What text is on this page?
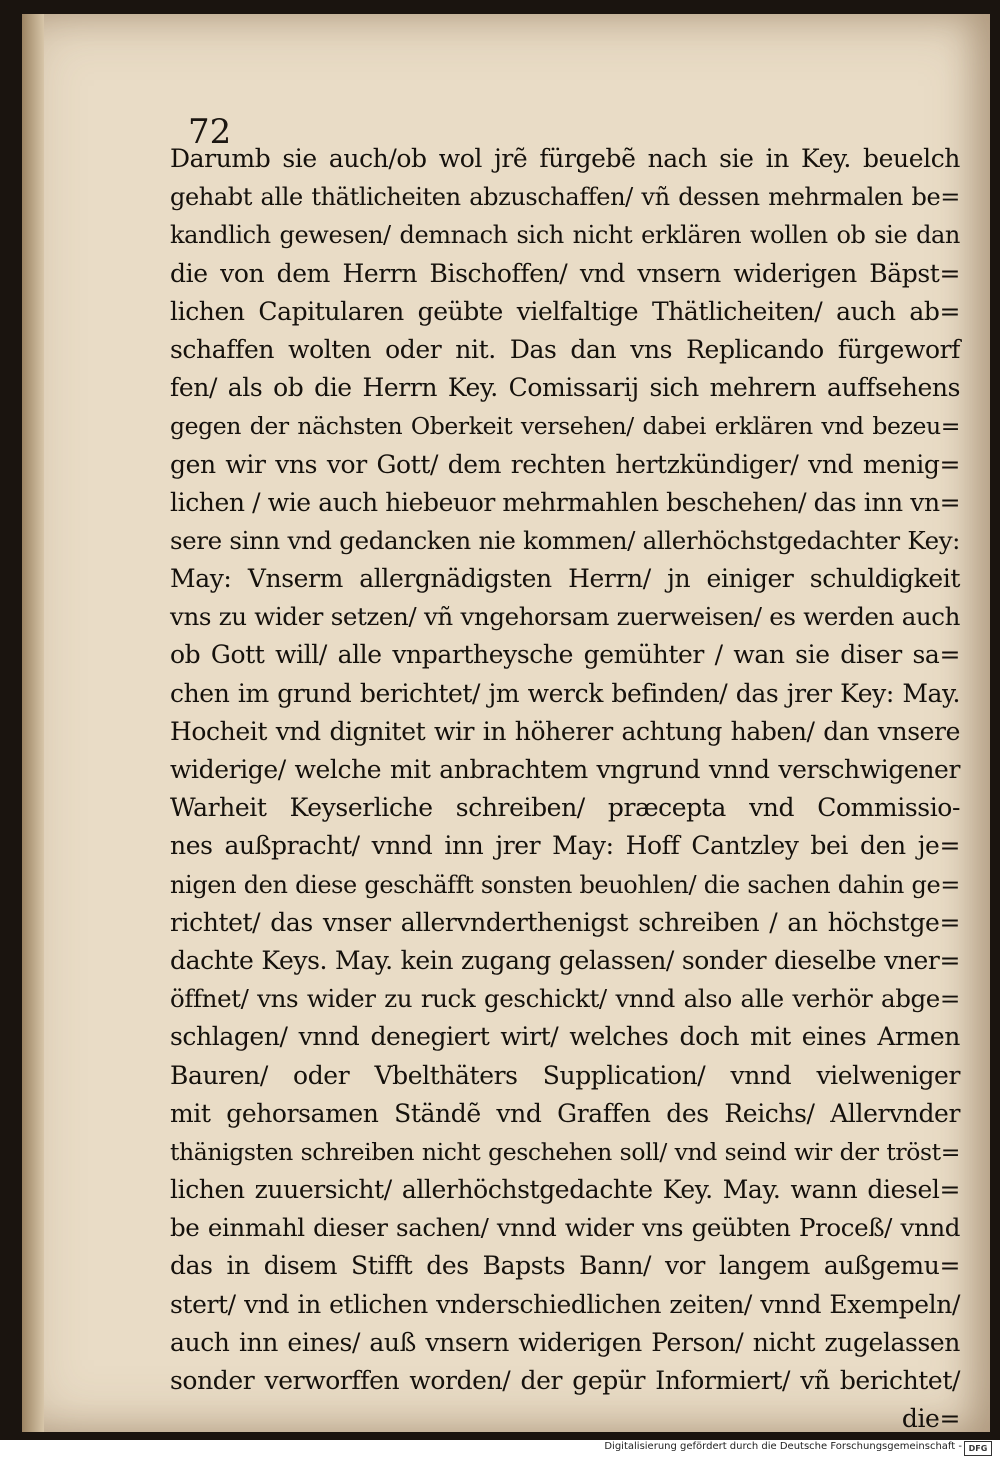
72

Darumb sie auch/ob wol jrẽ fürgebẽ nach sie in Key. beuelch
gehabt alle thätlicheiten abzuschaffen/ vñ dessen mehrmalen be=
kandlich gewesen/ demnach sich nicht erklären wollen ob sie dan
die von dem Herrn Bischoffen/ vnd vnsern widerigen Bäpst=
lichen Capitularen geübte vielfaltige Thätlicheiten/ auch ab=
schaffen wolten oder nit. Das dan vns Replicando fürgeworf
fen/ als ob die Herrn Key. Comissarij sich mehrern auffsehens
gegen der nächsten Oberkeit versehen/ dabei erklären vnd bezeu=
gen wir vns vor Gott/ dem rechten hertzkündiger/ vnd menig=
lichen / wie auch hiebeuor mehrmahlen beschehen/ das inn vn=
sere sinn vnd gedancken nie kommen/ allerhöchstgedachter Key:
May: Vnserm allergnädigsten Herrn/ jn einiger schuldigkeit
vns zu wider setzen/ vñ vngehorsam zuerweisen/ es werden auch
ob Gott will/ alle vnpartheysche gemühter / wan sie diser sa=
chen im grund berichtet/ jm werck befinden/ das jrer Key: May.
Hocheit vnd dignitet wir in höherer achtung haben/ dan vnsere
widerige/ welche mit anbrachtem vngrund vnnd verschwigener
Warheit Keyserliche schreiben/ præcepta vnd Commissio-
nes außpracht/ vnnd inn jrer May: Hoff Cantzley bei den je=
nigen den diese geschäfft sonsten beuohlen/ die sachen dahin ge=
richtet/ das vnser allervnderthenigst schreiben / an höchstge=
dachte Keys. May. kein zugang gelassen/ sonder dieselbe vner=
öffnet/ vns wider zu ruck geschickt/ vnnd also alle verhör abge=
schlagen/ vnnd denegiert wirt/ welches doch mit eines Armen
Bauren/ oder Vbelthäters Supplication/ vnnd vielweniger
mit gehorsamen Ständẽ vnd Graffen des Reichs/ Allervnder
thänigsten schreiben nicht geschehen soll/ vnd seind wir der tröst=
lichen zuuersicht/ allerhöchstgedachte Key. May. wann diesel=
be einmahl dieser sachen/ vnnd wider vns geübten Proceß/ vnnd
das in disem Stifft des Bapsts Bann/ vor langem außgemu=
stert/ vnd in etlichen vnderschiedlichen zeiten/ vnnd Exempeln/
auch inn eines/ auß vnsern widerigen Person/ nicht zugelassen
sonder verworffen worden/ der gepür Informiert/ vñ berichtet/
die=

Digitalisierung gefördert durch die Deutsche Forschungsgemeinschaft - DFG
